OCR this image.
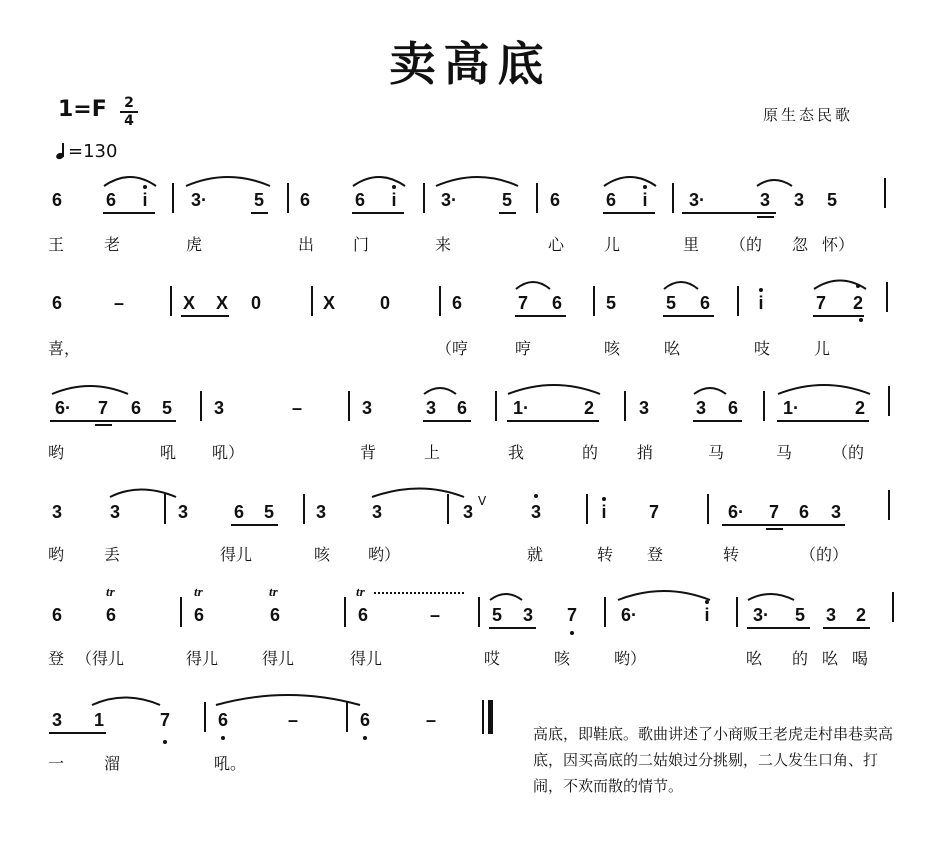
卖高底
1=F 2
4
=130
原生态民歌
6 6 i	3·	5 6 6 i	3·	5 6	6 i	3·	3 3 5
王 老	虎	出 门	来	心 儿	里 （的 忽 怀）
6	–	X X 0	X 0	6	7 6 5	5 6	i	7 2
喜，	（哼	哼	咳	吆	吱	儿
6· 7 6 5 3	–	3	3 6	1·	2 3	3 6 1·	2
哟	吼 吼）	背	上	我	的 捎	马	马 （的
3	3	3	6 5 3	3	3
V
3	i 7	6· 7 6 3
哟 丢	得儿	咳 哟）	就	转 登	转	（的）
tr	tr	tr	tr
6 6	6	6	6	–	5 3 7 6·	i 3· 5 3 2
登 （得儿	得儿	得儿	得儿	哎	咳	哟）	吆 的 吆 喝
3 1	7	6	–	6	–
一 溜	吼。
高底，即鞋底。歌曲讲述了小商贩王老虎走村串巷卖高底，因买高底的二姑娘过分挑剔，二人发生口角、打闹，不欢而散的情节。
